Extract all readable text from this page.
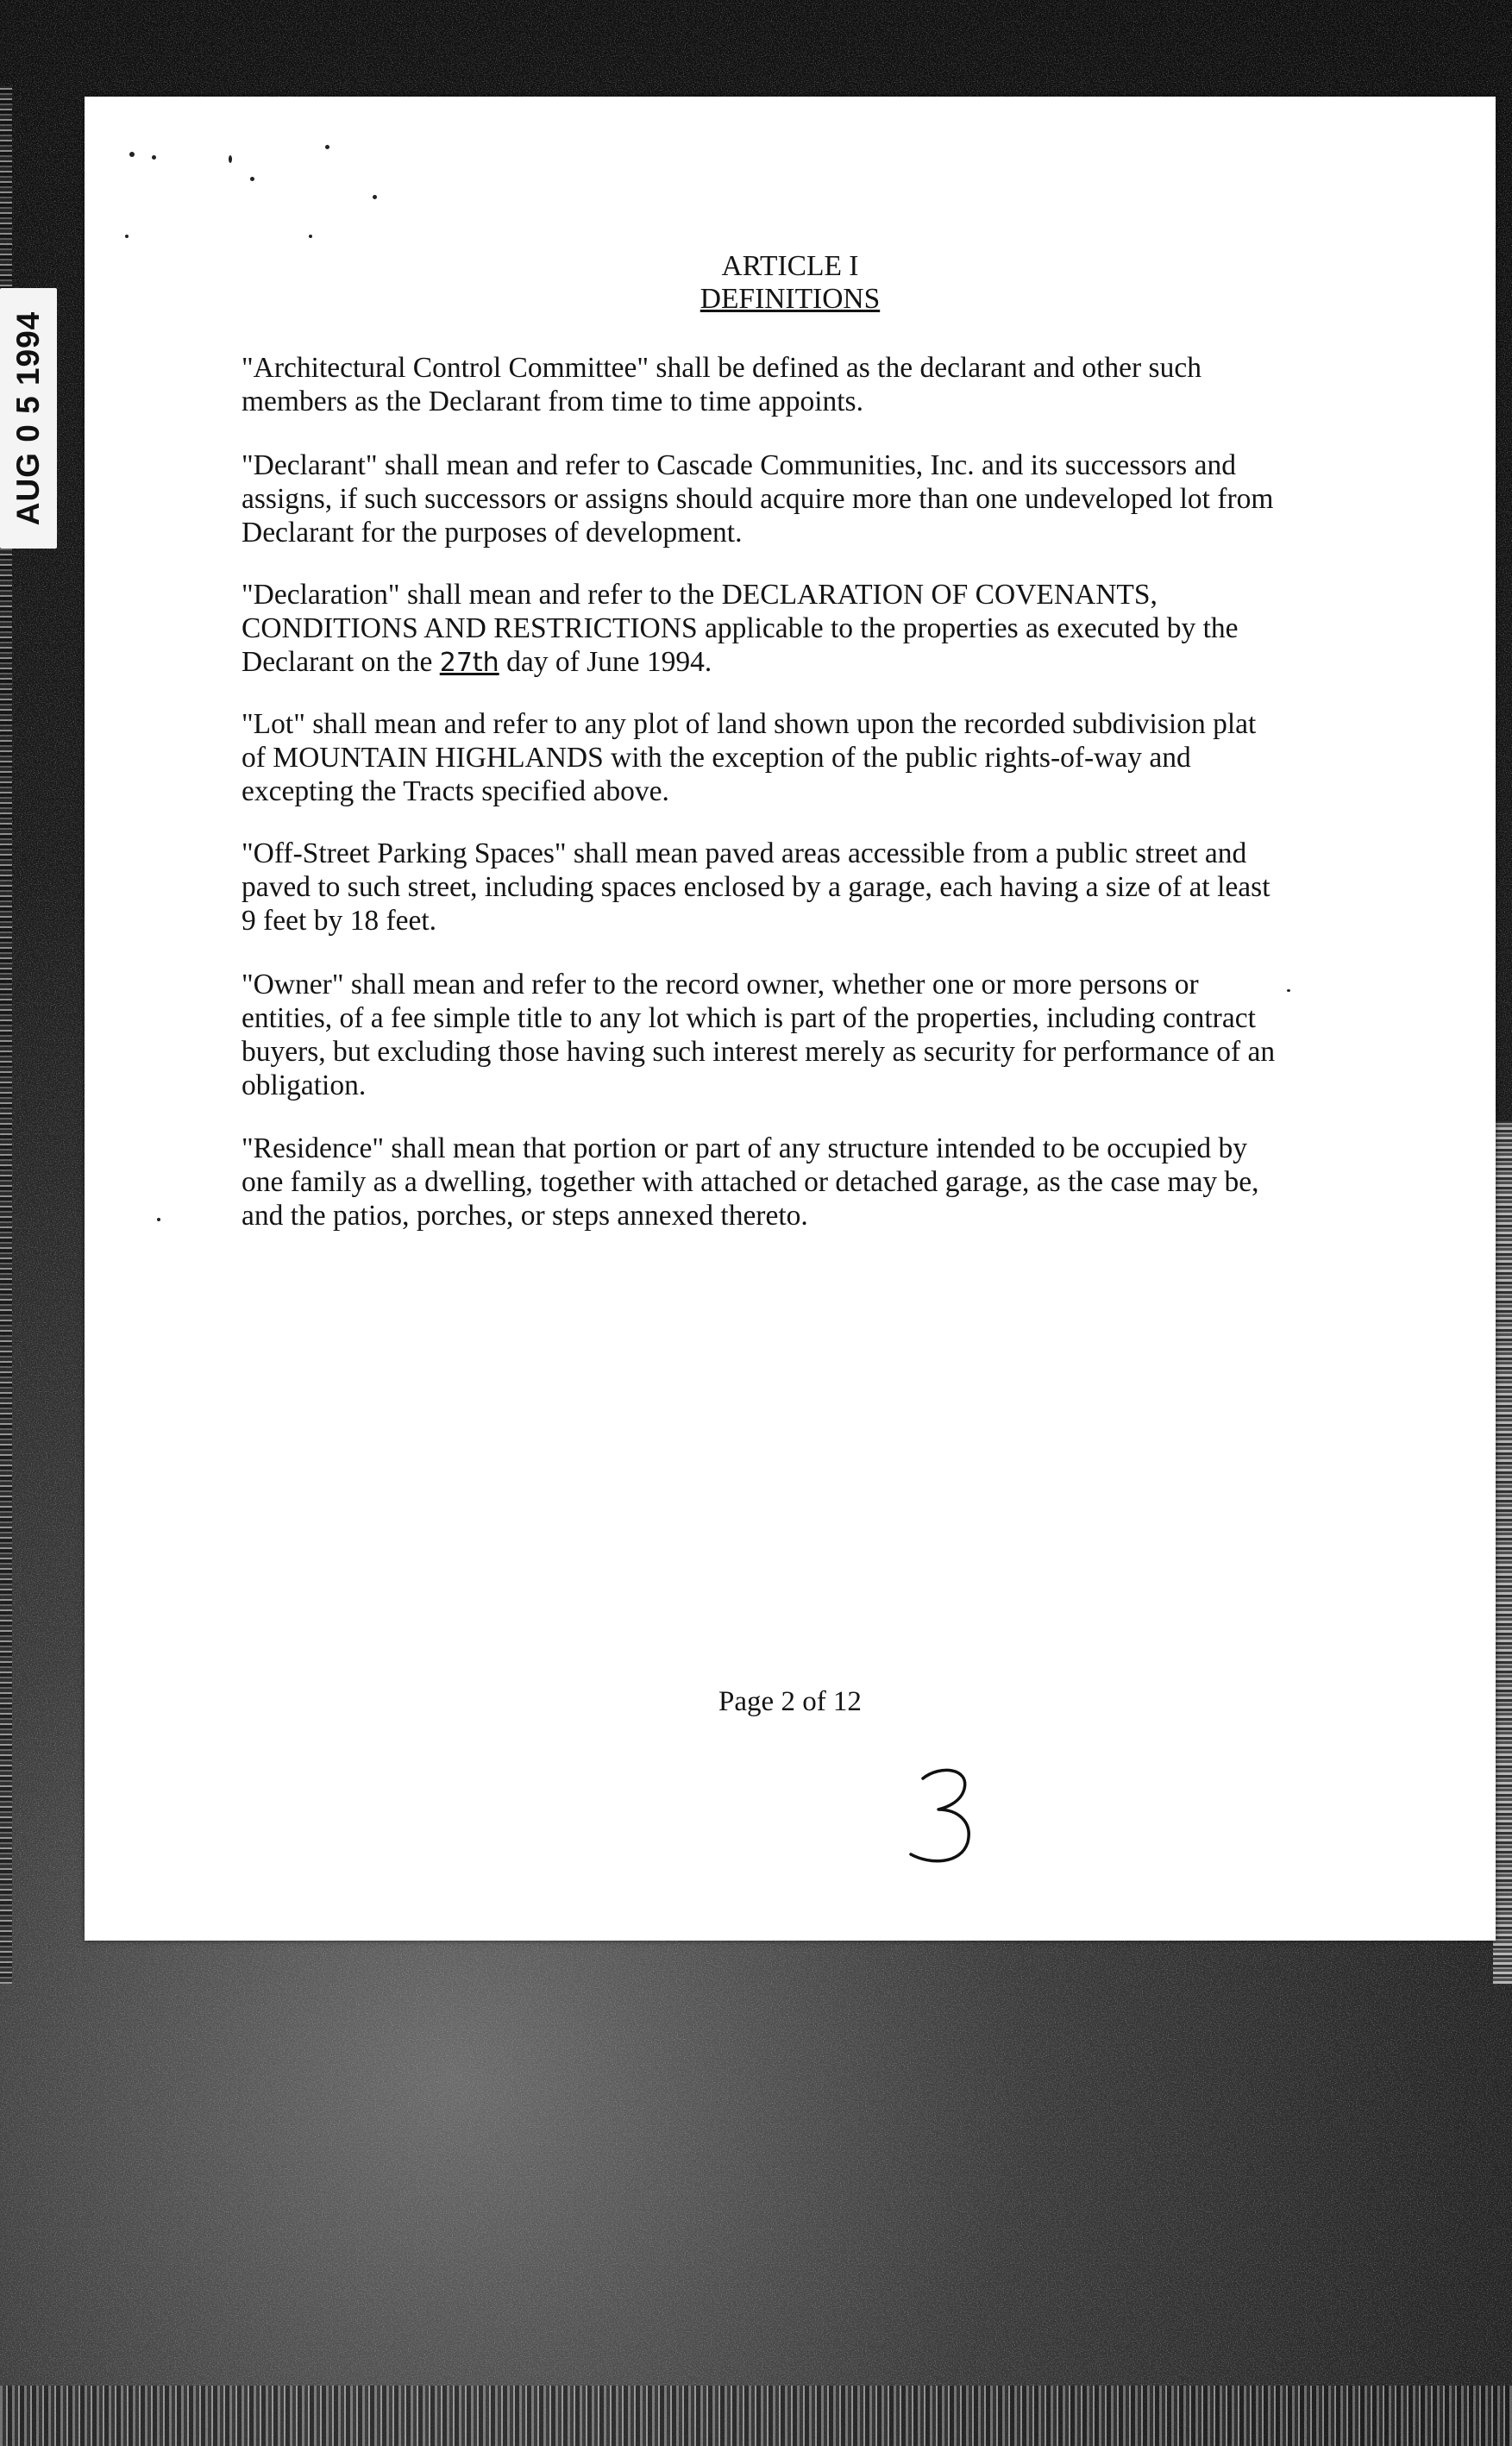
AUG 0 5 1994
ARTICLE I
DEFINITIONS
"Architectural Control Committee" shall be defined as the declarant and other such
members as the Declarant from time to time appoints.
"Declarant" shall mean and refer to Cascade Communities, Inc. and its successors and
assigns, if such successors or assigns should acquire more than one undeveloped lot from
Declarant for the purposes of development.
"Declaration" shall mean and refer to the DECLARATION OF COVENANTS,
CONDITIONS AND RESTRICTIONS applicable to the properties as executed by the
Declarant on the 27th day of June 1994.
"Lot" shall mean and refer to any plot of land shown upon the recorded subdivision plat
of MOUNTAIN HIGHLANDS with the exception of the public rights-of-way and
excepting the Tracts specified above.
"Off-Street Parking Spaces" shall mean paved areas accessible from a public street and
paved to such street, including spaces enclosed by a garage, each having a size of at least
9 feet by 18 feet.
"Owner" shall mean and refer to the record owner, whether one or more persons or
entities, of a fee simple title to any lot which is part of the properties, including contract
buyers, but excluding those having such interest merely as security for performance of an
obligation.
"Residence" shall mean that portion or part of any structure intended to be occupied by
one family as a dwelling, together with attached or detached garage, as the case may be,
and the patios, porches, or steps annexed thereto.
Page 2 of 12
